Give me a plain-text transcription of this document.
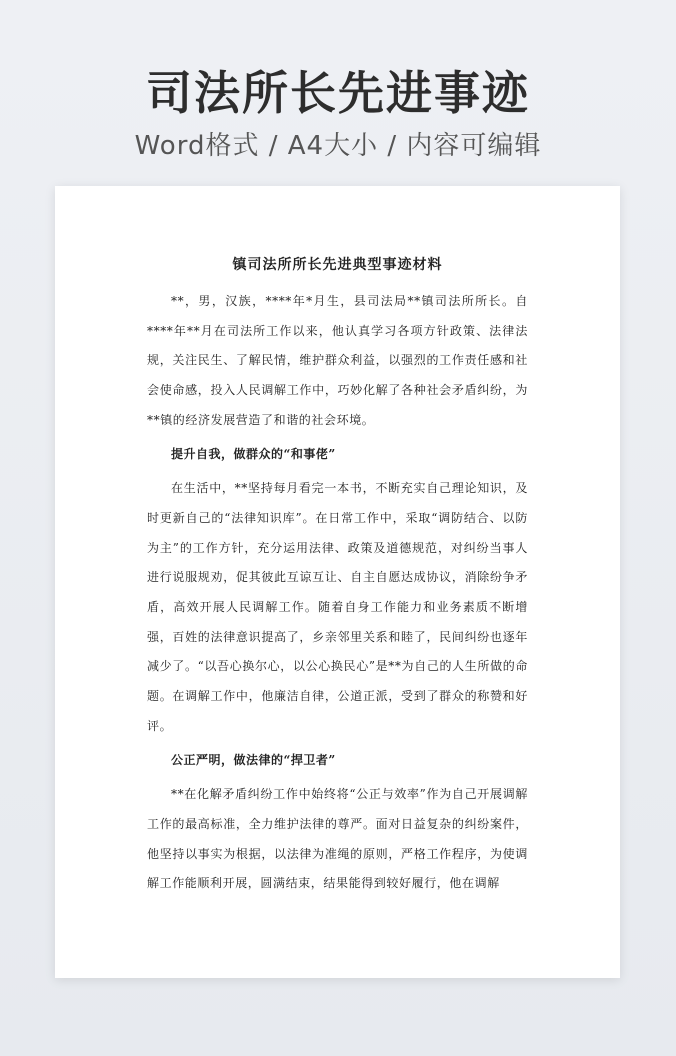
司法所长先进事迹
Word格式 / A4大小 / 内容可编辑
镇司法所所长先进典型事迹材料

**，男，汉族，****年*月生，县司法局**镇司法所所长。自****年**月在司法所工作以来，他认真学习各项方针政策、法律法规，关注民生、了解民情，维护群众利益，以强烈的工作责任感和社会使命感，投入人民调解工作中，巧妙化解了各种社会矛盾纠纷，为**镇的经济发展营造了和谐的社会环境。

提升自我，做群众的“和事佬”

在生活中，**坚持每月看完一本书，不断充实自己理论知识，及时更新自己的“法律知识库”。在日常工作中，采取“调防结合、以防为主”的工作方针，充分运用法律、政策及道德规范，对纠纷当事人进行说服规劝，促其彼此互谅互让、自主自愿达成协议，消除纷争矛盾，高效开展人民调解工作。随着自身工作能力和业务素质不断增强，百姓的法律意识提高了，乡亲邻里关系和睦了，民间纠纷也逐年减少了。“以吾心换尔心，以公心换民心”是**为自己的人生所做的命题。在调解工作中，他廉洁自律，公道正派，受到了群众的称赞和好评。

公正严明，做法律的“捍卫者”

**在化解矛盾纠纷工作中始终将“公正与效率”作为自己开展调解工作的最高标准，全力维护法律的尊严。面对日益复杂的纠纷案件，他坚持以事实为根据，以法律为准绳的原则，严格工作程序，为使调解工作能顺利开展，圆满结束，结果能得到较好履行，他在调解
